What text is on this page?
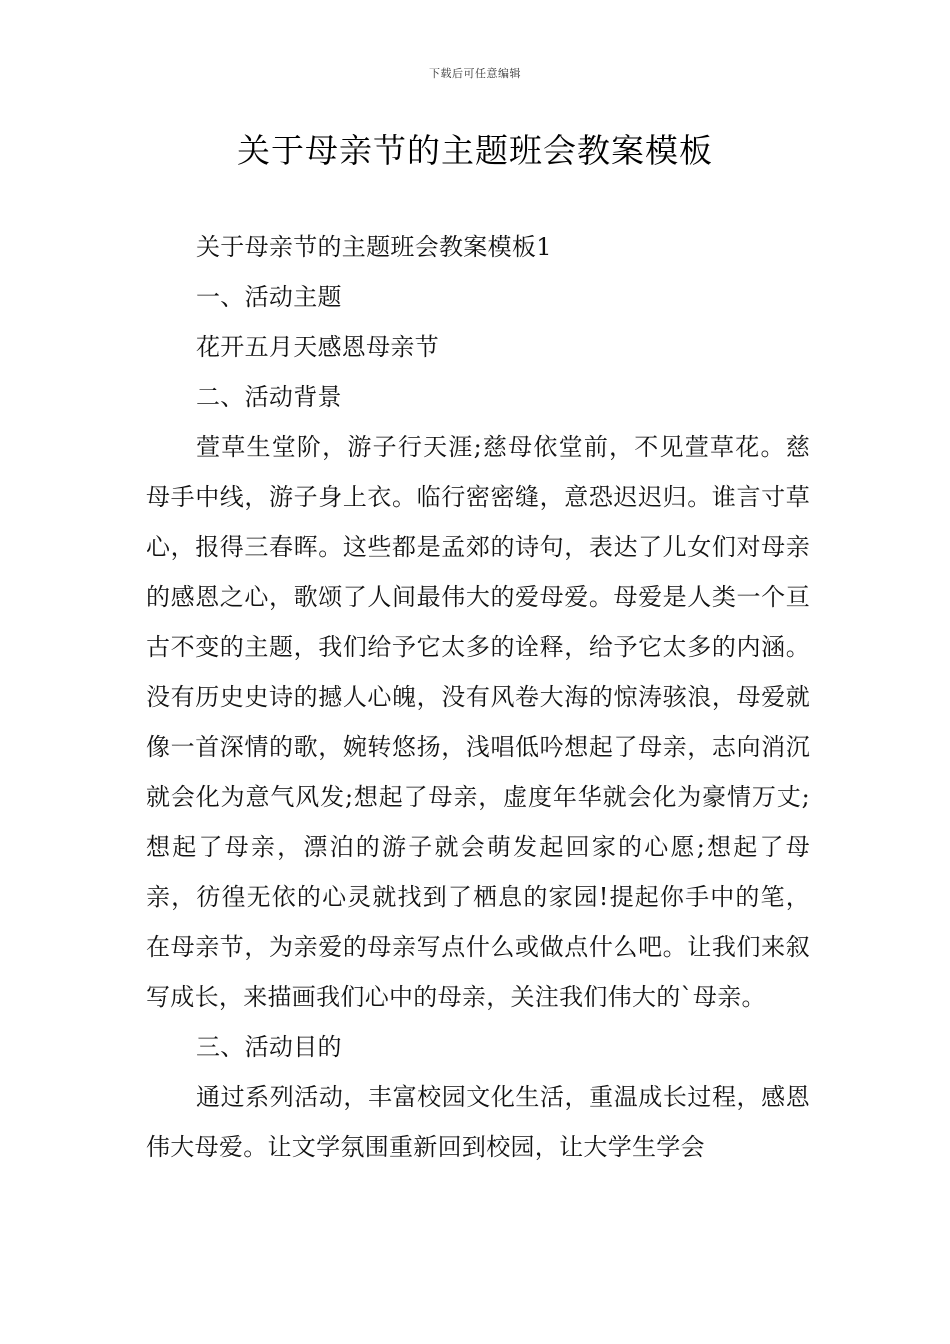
下载后可任意编辑
关于母亲节的主题班会教案模板

关于母亲节的主题班会教案模板1

一、活动主题

花开五月天感恩母亲节

二、活动背景

萱草生堂阶，游子行天涯;慈母依堂前，不见萱草花。慈母手中线，游子身上衣。临行密密缝，意恐迟迟归。谁言寸草心，报得三春晖。这些都是孟郊的诗句，表达了儿女们对母亲的感恩之心，歌颂了人间最伟大的爱母爱。母爱是人类一个亘古不变的主题，我们给予它太多的诠释，给予它太多的内涵。没有历史史诗的撼人心魄，没有风卷大海的惊涛骇浪，母爱就像一首深情的歌，婉转悠扬，浅唱低吟想起了母亲，志向消沉就会化为意气风发;想起了母亲，虚度年华就会化为豪情万丈;想起了母亲，漂泊的游子就会萌发起回家的心愿;想起了母亲，彷徨无依的心灵就找到了栖息的家园!提起你手中的笔，在母亲节，为亲爱的母亲写点什么或做点什么吧。让我们来叙写成长，来描画我们心中的母亲，关注我们伟大的`母亲。

三、活动目的

通过系列活动，丰富校园文化生活，重温成长过程，感恩伟大母爱。让文学氛围重新回到校园，让大学生学会
